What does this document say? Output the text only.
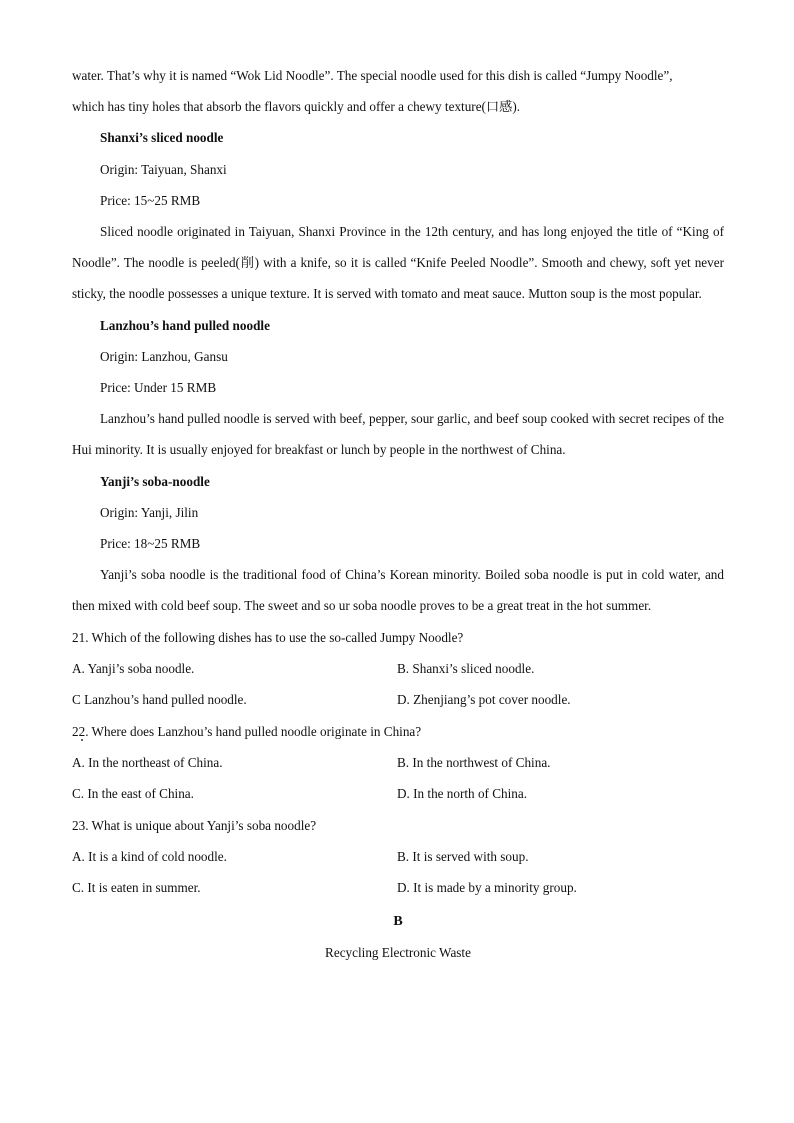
water. That’s why it is named “Wok Lid Noodle”. The special noodle used for this dish is called “Jumpy Noodle”,
which has tiny holes that absorb the flavors quickly and offer a chewy texture(口感).
Shanxi’s sliced noodle
Origin: Taiyuan, Shanxi
Price: 15~25 RMB
Sliced noodle originated in Taiyuan, Shanxi Province in the 12th century, and has long enjoyed the title of “King of Noodle”. The noodle is peeled(削) with a knife, so it is called “Knife Peeled Noodle”. Smooth and chewy, soft yet never sticky, the noodle possesses a unique texture. It is served with tomato and meat sauce. Mutton soup is the most popular.
Lanzhou’s hand pulled noodle
Origin: Lanzhou, Gansu
Price: Under 15 RMB
Lanzhou’s hand pulled noodle is served with beef, pepper, sour garlic, and beef soup cooked with secret recipes of the Hui minority. It is usually enjoyed for breakfast or lunch by people in the northwest of China.
Yanji’s soba-noodle
Origin: Yanji, Jilin
Price: 18~25 RMB
Yanji’s soba noodle is the traditional food of China’s Korean minority. Boiled soba noodle is put in cold water, and then mixed with cold beef soup. The sweet and so ur soba noodle proves to be a great treat in the hot summer.
21. Which of the following dishes has to use the so-called Jumpy Noodle?
A. Yanji’s soba noodle.	B. Shanxi’s sliced noodle.
C Lanzhou’s hand pulled noodle.	D. Zhenjiang’s pot cover noodle.
22. Where does Lanzhou’s hand pulled noodle originate in China?
A. In the northeast of China.	B. In the northwest of China.
C. In the east of China.	D. In the north of China.
23. What is unique about Yanji’s soba noodle?
A. It is a kind of cold noodle.	B. It is served with soup.
C. It is eaten in summer.	D. It is made by a minority group.
B
Recycling Electronic Waste
